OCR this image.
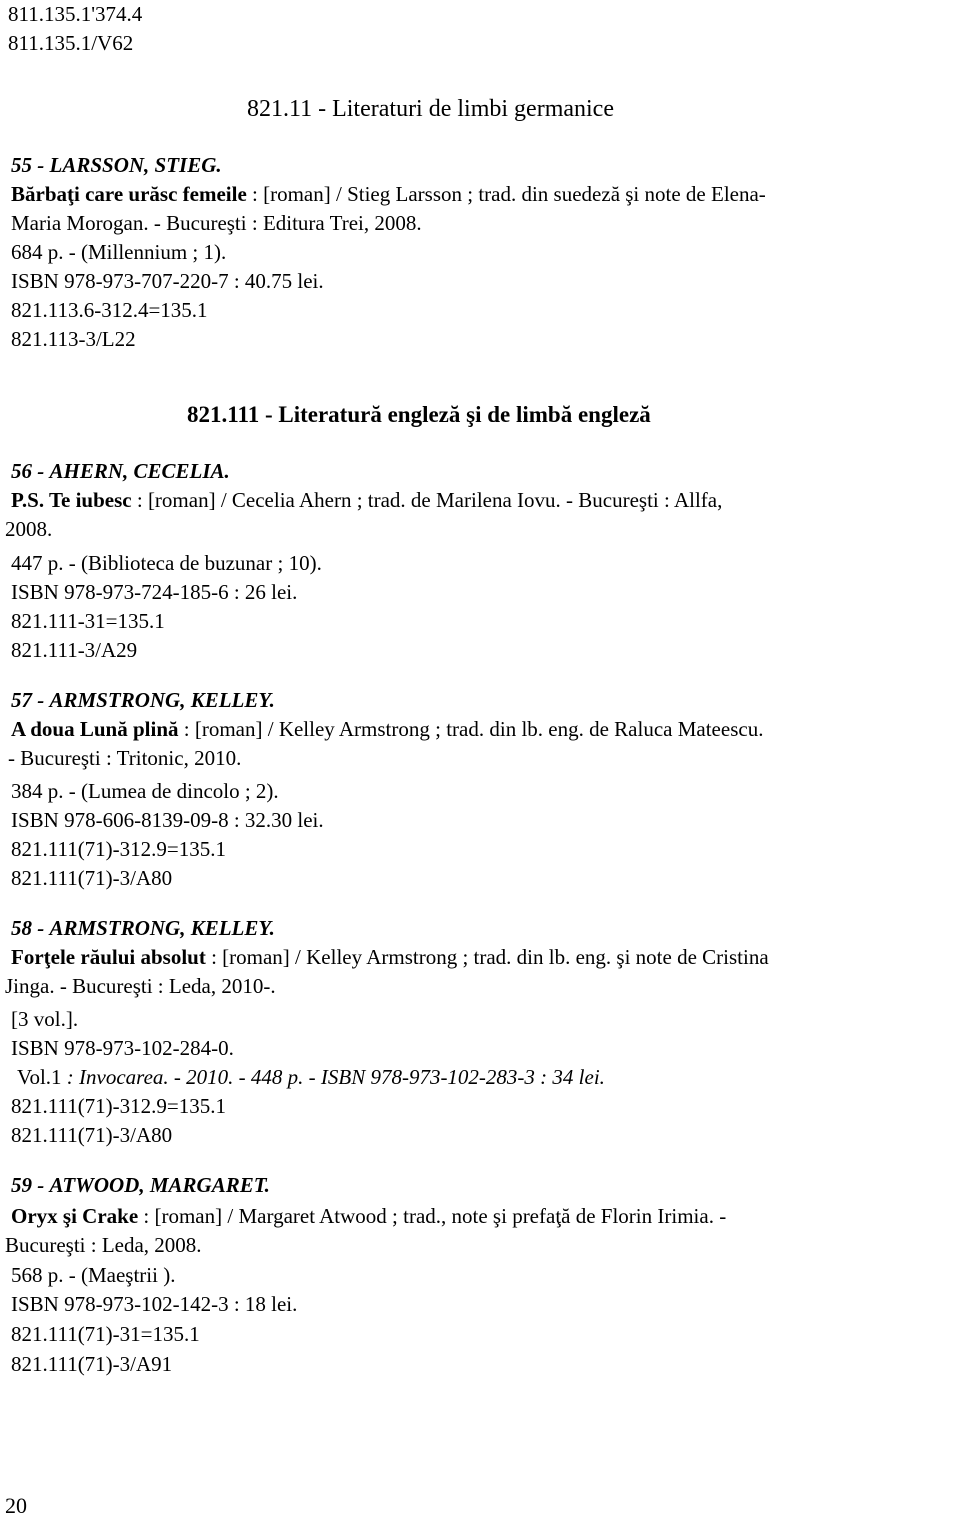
811.135.1'374.4
811.135.1/V62
821.11 - Literaturi de limbi germanice
55 - LARSSON, STIEG.
Bărbaţi care urăsc femeile : [roman] / Stieg Larsson ; trad. din suedeză şi note de Elena-
Maria Morogan. - Bucureşti : Editura Trei, 2008.
684 p. - (Millennium ; 1).
ISBN 978-973-707-220-7 : 40.75 lei.
821.113.6-312.4=135.1
821.113-3/L22
821.111 - Literatură engleză şi de limbă engleză
56 - AHERN, CECELIA.
P.S. Te iubesc : [roman] / Cecelia Ahern ; trad. de Marilena Iovu. - Bucureşti : Allfa,
2008.
447 p. - (Biblioteca de buzunar ; 10).
ISBN 978-973-724-185-6 : 26 lei.
821.111-31=135.1
821.111-3/A29
57 - ARMSTRONG, KELLEY.
A doua Lună plină : [roman] / Kelley Armstrong ; trad. din lb. eng. de Raluca Mateescu.
- Bucureşti : Tritonic, 2010.
384 p. - (Lumea de dincolo ; 2).
ISBN 978-606-8139-09-8 : 32.30 lei.
821.111(71)-312.9=135.1
821.111(71)-3/A80
58 - ARMSTRONG, KELLEY.
Forţele răului absolut : [roman] / Kelley Armstrong ; trad. din lb. eng. şi note de Cristina
Jinga. - Bucureşti : Leda, 2010-.
[3 vol.].
ISBN 978-973-102-284-0.
Vol.1 : Invocarea. - 2010. - 448 p. - ISBN 978-973-102-283-3 : 34 lei.
821.111(71)-312.9=135.1
821.111(71)-3/A80
59 - ATWOOD, MARGARET.
Oryx şi Crake : [roman] / Margaret Atwood ; trad., note şi prefaţă de Florin Irimia. -
Bucureşti : Leda, 2008.
568 p. - (Maeştrii ).
ISBN 978-973-102-142-3 : 18 lei.
821.111(71)-31=135.1
821.111(71)-3/A91
20
